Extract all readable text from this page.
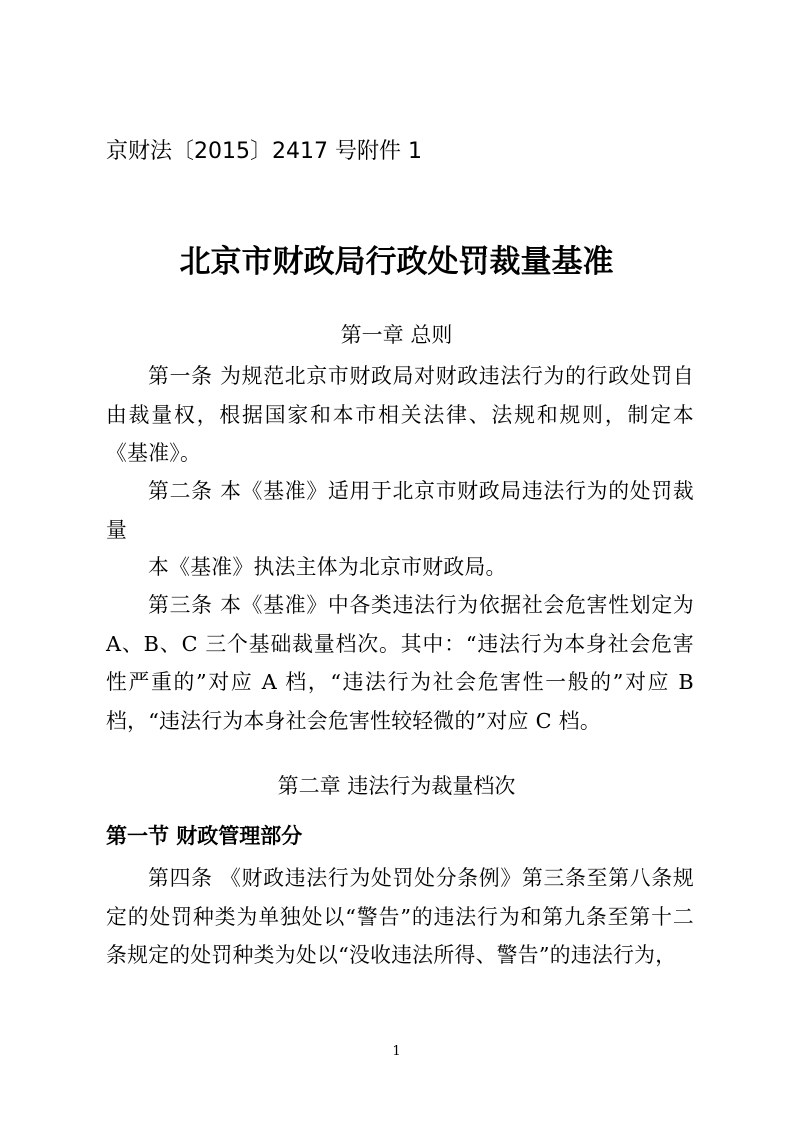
京财法〔2015〕2417 号附件 1
北京市财政局行政处罚裁量基准
第一章 总则
第一条 为规范北京市财政局对财政违法行为的行政处罚自由裁量权，根据国家和本市相关法律、法规和规则，制定本《基准》。
第二条 本《基准》适用于北京市财政局违法行为的处罚裁量
本《基准》执法主体为北京市财政局。
第三条 本《基准》中各类违法行为依据社会危害性划定为 A、B、C 三个基础裁量档次。其中：“违法行为本身社会危害性严重的”对应 A 档，“违法行为社会危害性一般的”对应 B 档，“违法行为本身社会危害性较轻微的”对应 C 档。
第二章 违法行为裁量档次
第一节 财政管理部分
第四条 《财政违法行为处罚处分条例》第三条至第八条规定的处罚种类为单独处以“警告”的违法行为和第九条至第十二条规定的处罚种类为处以“没收违法所得、警告”的违法行为，
1
